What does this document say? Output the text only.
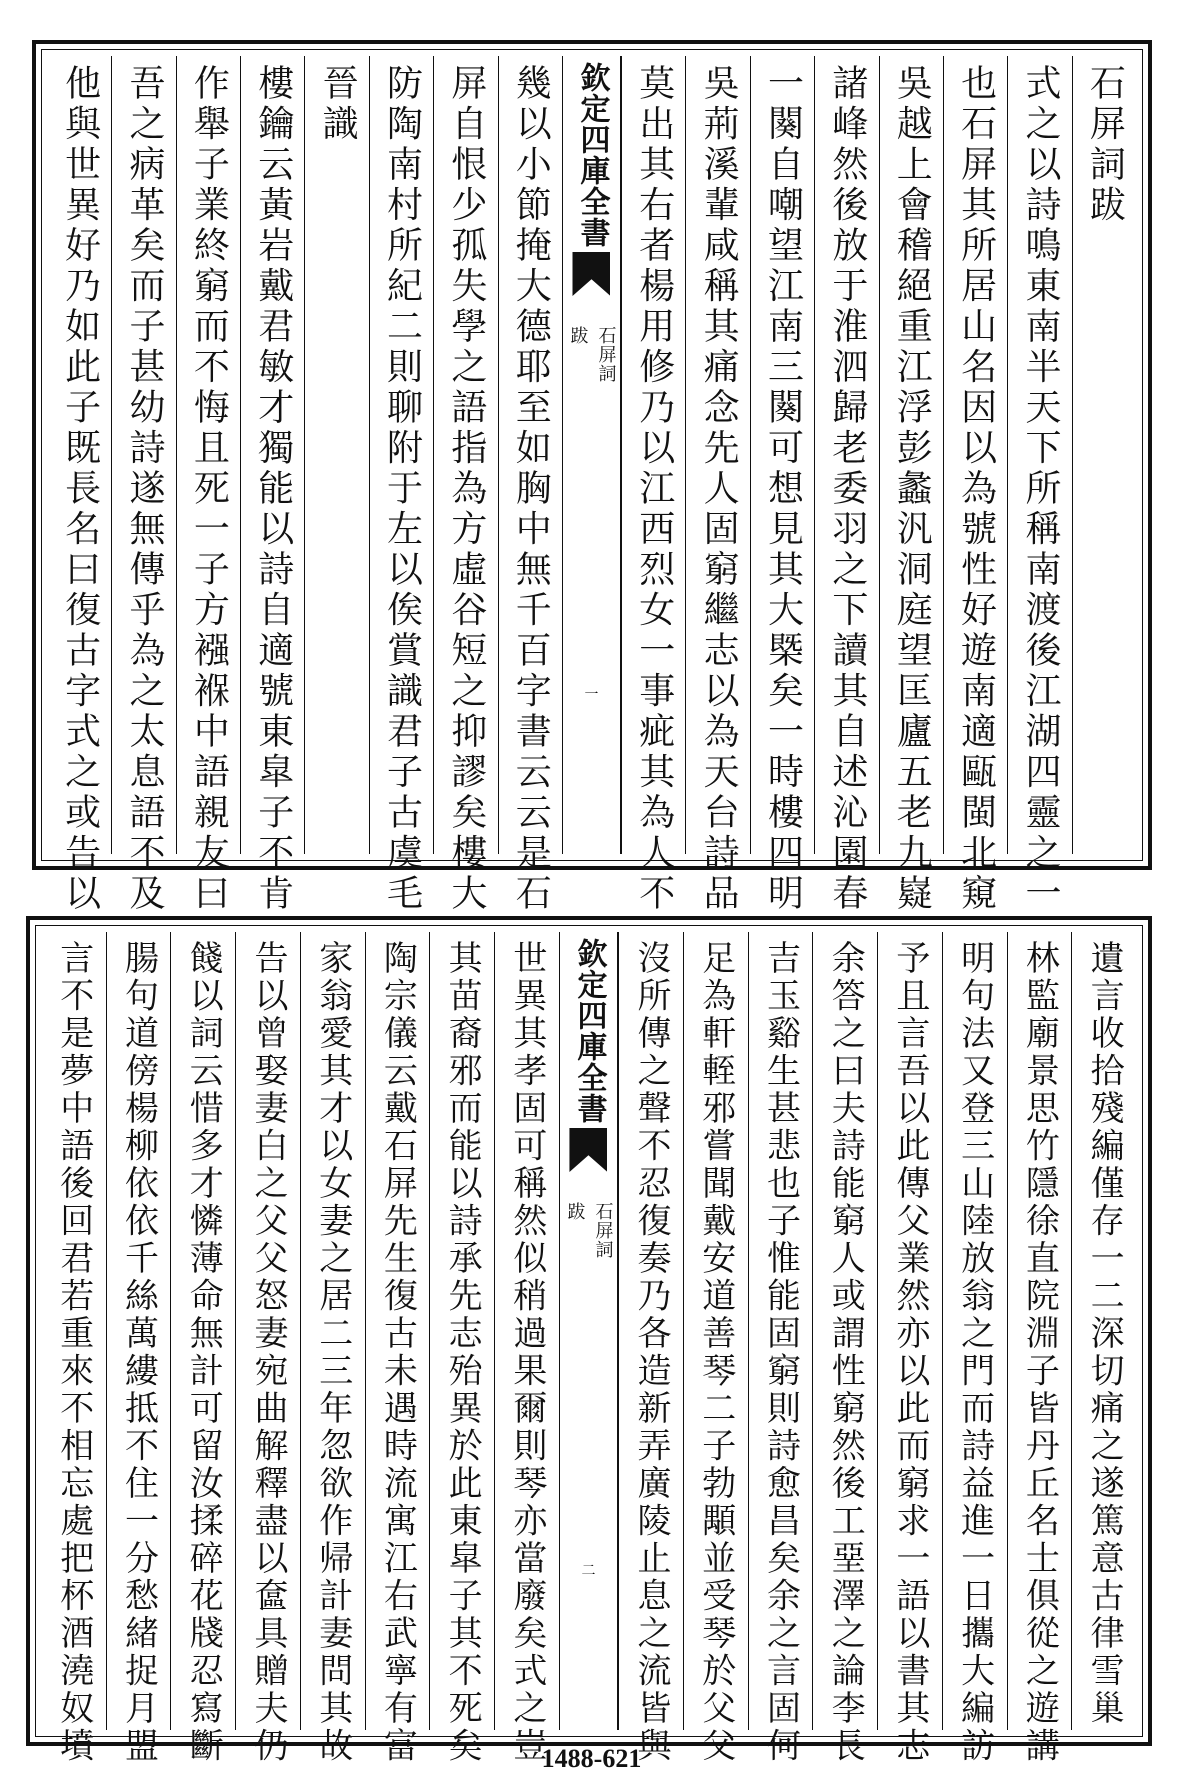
石屏詞跋
式之以詩鳴東南半天下所稱南渡後江湖四靈之一
也石屏其所居山名因以為號性好遊南適甌閩北窺
吳越上會稽絕重江浮彭蠡汎洞庭望匡廬五老九嶷
諸峰然後放于淮泗歸老委羽之下讀其自述沁園春
一闋自嘲望江南三闋可想見其大槩矣一時樓四明
吳荊溪輩咸稱其痛念先人固窮繼志以為天台詩品
莫出其右者楊用修乃以江西烈女一事疵其為人不
欽定四庫全書
石屏詞
跋
一
幾以小節掩大德耶至如胸中無千百字書云云是石
屏自恨少孤失學之語指為方虛谷短之抑謬矣樓大
防陶南村所紀二則聊附于左以俟賞識君子古虞毛
晉識
樓鑰云黃岩戴君敏才獨能以詩自適號東皐子不肯
作舉子業終窮而不悔且死一子方襁褓中語親友曰
吾之病革矣而子甚幼詩遂無傳乎為之太息語不及
他與世異好乃如此子既長名曰復古字式之或告以
遺言收拾殘編僅存一二深切痛之遂篤意古律雪巢
林監廟景思竹隱徐直院淵子皆丹丘名士俱從之遊講
明句法又登三山陸放翁之門而詩益進一日攜大編訪
予且言吾以此傳父業然亦以此而窮求一語以書其志
余答之曰夫詩能窮人或謂性窮然後工堊澤之論李長
吉玉谿生甚悲也子惟能固窮則詩愈昌矣余之言固何
足為軒輊邪嘗聞戴安道善琴二子勃顒並受琴於父父
沒所傳之聲不忍復奏乃各造新弄廣陵止息之流皆與
欽定四庫全書
石屏詞
跋
二
世異其孝固可稱然似稍過果爾則琴亦當廢矣式之豈
其苗裔邪而能以詩承先志殆異於此東皐子其不死矣
陶宗儀云戴石屏先生復古未遇時流寓江右武寧有富
家翁愛其才以女妻之居二三年忽欲作帰計妻問其故
告以曾娶妻白之父父怒妻宛曲解釋盡以奩具贈夫仍
餞以詞云惜多才憐薄命無計可留汝揉碎花牋忍寫斷
腸句道傍楊柳依依千絲萬縷抵不住一分愁緒捉月盟
言不是夢中語後回君若重來不相忘處把杯酒澆奴墳	1488-621
